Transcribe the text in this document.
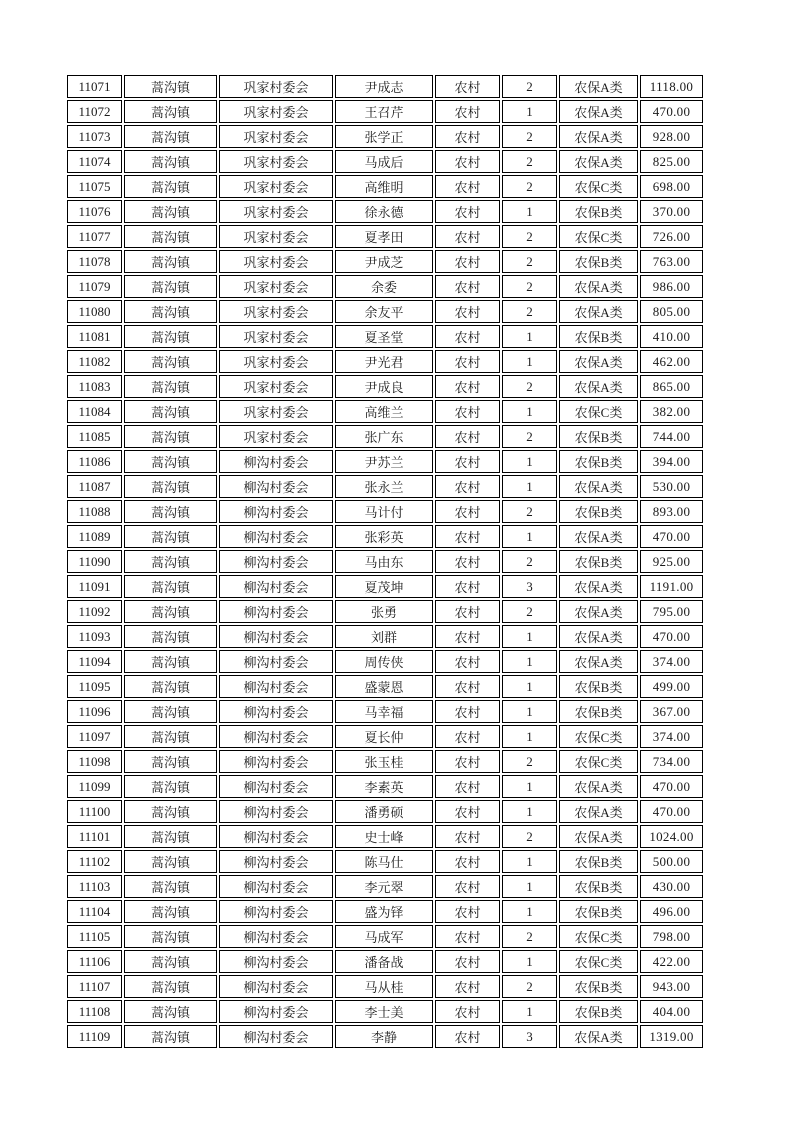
11071	蒿沟镇	巩家村委会	尹成志	农村	2	农保A类	1118.00
11072	蒿沟镇	巩家村委会	王召芹	农村	1	农保A类	470.00
11073	蒿沟镇	巩家村委会	张学正	农村	2	农保A类	928.00
11074	蒿沟镇	巩家村委会	马成后	农村	2	农保A类	825.00
11075	蒿沟镇	巩家村委会	高维明	农村	2	农保C类	698.00
11076	蒿沟镇	巩家村委会	徐永德	农村	1	农保B类	370.00
11077	蒿沟镇	巩家村委会	夏孝田	农村	2	农保C类	726.00
11078	蒿沟镇	巩家村委会	尹成芝	农村	2	农保B类	763.00
11079	蒿沟镇	巩家村委会	余委	农村	2	农保A类	986.00
11080	蒿沟镇	巩家村委会	余友平	农村	2	农保A类	805.00
11081	蒿沟镇	巩家村委会	夏圣堂	农村	1	农保B类	410.00
11082	蒿沟镇	巩家村委会	尹光君	农村	1	农保A类	462.00
11083	蒿沟镇	巩家村委会	尹成良	农村	2	农保A类	865.00
11084	蒿沟镇	巩家村委会	高维兰	农村	1	农保C类	382.00
11085	蒿沟镇	巩家村委会	张广东	农村	2	农保B类	744.00
11086	蒿沟镇	柳沟村委会	尹苏兰	农村	1	农保B类	394.00
11087	蒿沟镇	柳沟村委会	张永兰	农村	1	农保A类	530.00
11088	蒿沟镇	柳沟村委会	马计付	农村	2	农保B类	893.00
11089	蒿沟镇	柳沟村委会	张彩英	农村	1	农保A类	470.00
11090	蒿沟镇	柳沟村委会	马由东	农村	2	农保B类	925.00
11091	蒿沟镇	柳沟村委会	夏茂坤	农村	3	农保A类	1191.00
11092	蒿沟镇	柳沟村委会	张勇	农村	2	农保A类	795.00
11093	蒿沟镇	柳沟村委会	刘群	农村	1	农保A类	470.00
11094	蒿沟镇	柳沟村委会	周传侠	农村	1	农保A类	374.00
11095	蒿沟镇	柳沟村委会	盛蒙恩	农村	1	农保B类	499.00
11096	蒿沟镇	柳沟村委会	马幸福	农村	1	农保B类	367.00
11097	蒿沟镇	柳沟村委会	夏长仲	农村	1	农保C类	374.00
11098	蒿沟镇	柳沟村委会	张玉桂	农村	2	农保C类	734.00
11099	蒿沟镇	柳沟村委会	李素英	农村	1	农保A类	470.00
11100	蒿沟镇	柳沟村委会	潘勇硕	农村	1	农保A类	470.00
11101	蒿沟镇	柳沟村委会	史士峰	农村	2	农保A类	1024.00
11102	蒿沟镇	柳沟村委会	陈马仕	农村	1	农保B类	500.00
11103	蒿沟镇	柳沟村委会	李元翠	农村	1	农保B类	430.00
11104	蒿沟镇	柳沟村委会	盛为铎	农村	1	农保B类	496.00
11105	蒿沟镇	柳沟村委会	马成军	农村	2	农保C类	798.00
11106	蒿沟镇	柳沟村委会	潘备战	农村	1	农保C类	422.00
11107	蒿沟镇	柳沟村委会	马从桂	农村	2	农保B类	943.00
11108	蒿沟镇	柳沟村委会	李士美	农村	1	农保B类	404.00
11109	蒿沟镇	柳沟村委会	李静	农村	3	农保A类	1319.00
